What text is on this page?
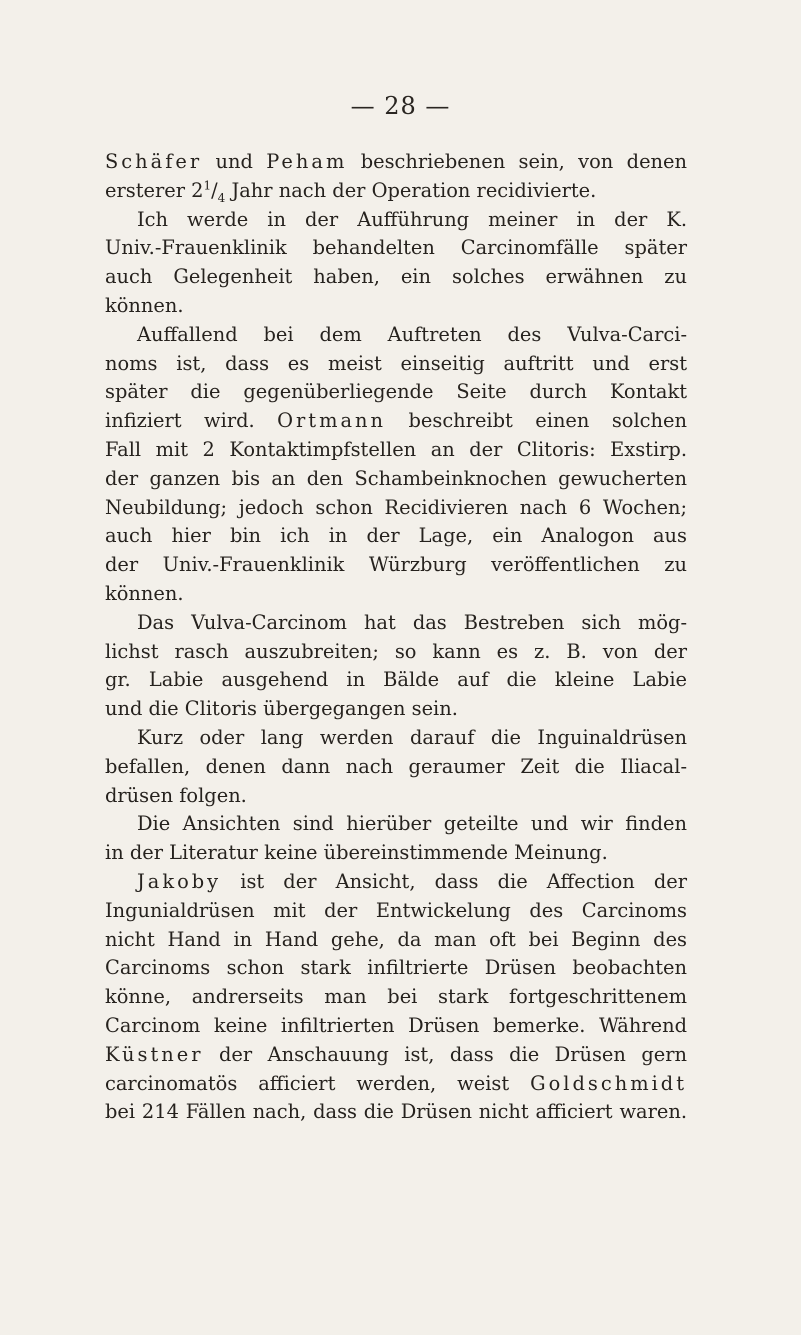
— 28 —
Schäfer und Peham beschriebenen sein, von denen
ersterer $2^1/_4$ Jahr nach der Operation recidivierte.
Ich werde in der Aufführung meiner in der K.
Univ.-Frauenklinik behandelten Carcinomfälle später
auch Gelegenheit haben, ein solches erwähnen zu
können.
Auffallend bei dem Auftreten des Vulva-Carci-
noms ist, dass es meist einseitig auftritt und erst
später die gegenüberliegende Seite durch Kontakt
infiziert wird. Ortmann beschreibt einen solchen
Fall mit 2 Kontaktimpfstellen an der Clitoris: Exstirp.
der ganzen bis an den Schambeinknochen gewucherten
Neubildung; jedoch schon Recidivieren nach 6 Wochen;
auch hier bin ich in der Lage, ein Analogon aus
der Univ.-Frauenklinik Würzburg veröffentlichen zu
können.
Das Vulva-Carcinom hat das Bestreben sich mög-
lichst rasch auszubreiten; so kann es z. B. von der
gr. Labie ausgehend in Bälde auf die kleine Labie
und die Clitoris übergegangen sein.
Kurz oder lang werden darauf die Inguinaldrüsen
befallen, denen dann nach geraumer Zeit die Iliacal-
drüsen folgen.
Die Ansichten sind hierüber geteilte und wir finden
in der Literatur keine übereinstimmende Meinung.
Jakoby ist der Ansicht, dass die Affection der
Ingunialdrüsen mit der Entwickelung des Carcinoms
nicht Hand in Hand gehe, da man oft bei Beginn des
Carcinoms schon stark infiltrierte Drüsen beobachten
könne, andrerseits man bei stark fortgeschrittenem
Carcinom keine infiltrierten Drüsen bemerke. Während
Küstner der Anschauung ist, dass die Drüsen gern
carcinomatös afficiert werden, weist Goldschmidt
bei 214 Fällen nach, dass die Drüsen nicht afficiert waren.
